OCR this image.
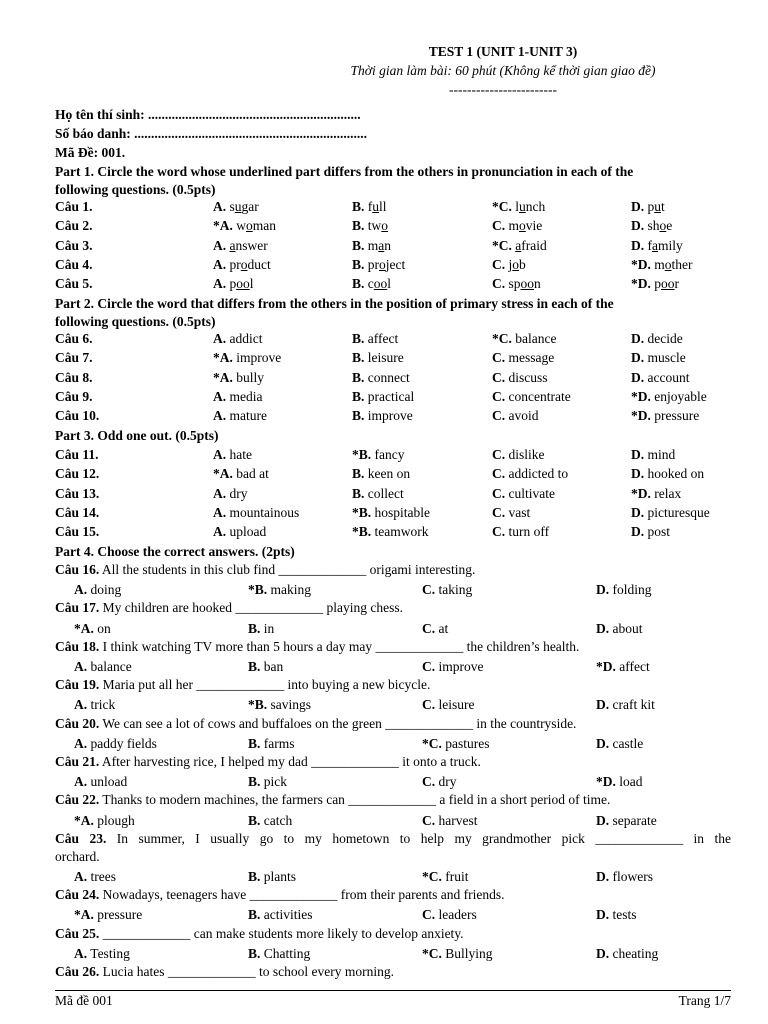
TEST 1 (UNIT 1-UNIT 3)
Thời gian làm bài: 60 phút (Không kể thời gian giao đề)
------------------------
Họ tên thí sinh: ...............................................................
Số báo danh: .....................................................................
Mã Đề: 001.
Part 1. Circle the word whose underlined part differs from the others in pronunciation in each of the
following questions. (0.5pts)
Câu 1.	A. sugar	B. full	*C. lunch	D. put
Câu 2.	*A. woman	B. two	C. movie	D. shoe
Câu 3.	A. answer	B. man	*C. afraid	D. family
Câu 4.	A. product	B. project	C. job	*D. mother
Câu 5.	A. pool	B. cool	C. spoon	*D. poor
Part 2. Circle the word that differs from the others in the position of primary stress in each of the
following questions. (0.5pts)
Câu 6.	A. addict	B. affect	*C. balance	D. decide
Câu 7.	*A. improve	B. leisure	C. message	D. muscle
Câu 8.	*A. bully	B. connect	C. discuss	D. account
Câu 9.	A. media	B. practical	C. concentrate	*D. enjoyable
Câu 10.	A. mature	B. improve	C. avoid	*D. pressure
Part 3. Odd one out. (0.5pts)
Câu 11.	A. hate	*B. fancy	C. dislike	D. mind
Câu 12.	*A. bad at	B. keen on	C. addicted to	D. hooked on
Câu 13.	A. dry	B. collect	C. cultivate	*D. relax
Câu 14.	A. mountainous	*B. hospitable	C. vast	D. picturesque
Câu 15.	A. upload	*B. teamwork	C. turn off	D. post
Part 4. Choose the correct answers. (2pts)
Câu 16. All the students in this club find _____________ origami interesting.
A. doing	*B. making	C. taking	D. folding
Câu 17. My children are hooked _____________ playing chess.
*A. on	B. in	C. at	D. about
Câu 18. I think watching TV more than 5 hours a day may _____________ the children’s health.
A. balance	B. ban	C. improve	*D. affect
Câu 19. Maria put all her _____________ into buying a new bicycle.
A. trick	*B. savings	C. leisure	D. craft kit
Câu 20. We can see a lot of cows and buffaloes on the green _____________ in the countryside.
A. paddy fields	B. farms	*C. pastures	D. castle
Câu 21. After harvesting rice, I helped my dad _____________ it onto a truck.
A. unload	B. pick	C. dry	*D. load
Câu 22. Thanks to modern machines, the farmers can _____________ a field in a short period of time.
*A. plough	B. catch	C. harvest	D. separate
Câu 23. In summer, I usually go to my hometown to help my grandmother pick _____________ in the
orchard.
A. trees	B. plants	*C. fruit	D. flowers
Câu 24. Nowadays, teenagers have _____________ from their parents and friends.
*A. pressure	B. activities	C. leaders	D. tests
Câu 25. _____________ can make students more likely to develop anxiety.
A. Testing	B. Chatting	*C. Bullying	D. cheating
Câu 26. Lucia hates _____________ to school every morning.
Mã đề 001	Trang 1/7
